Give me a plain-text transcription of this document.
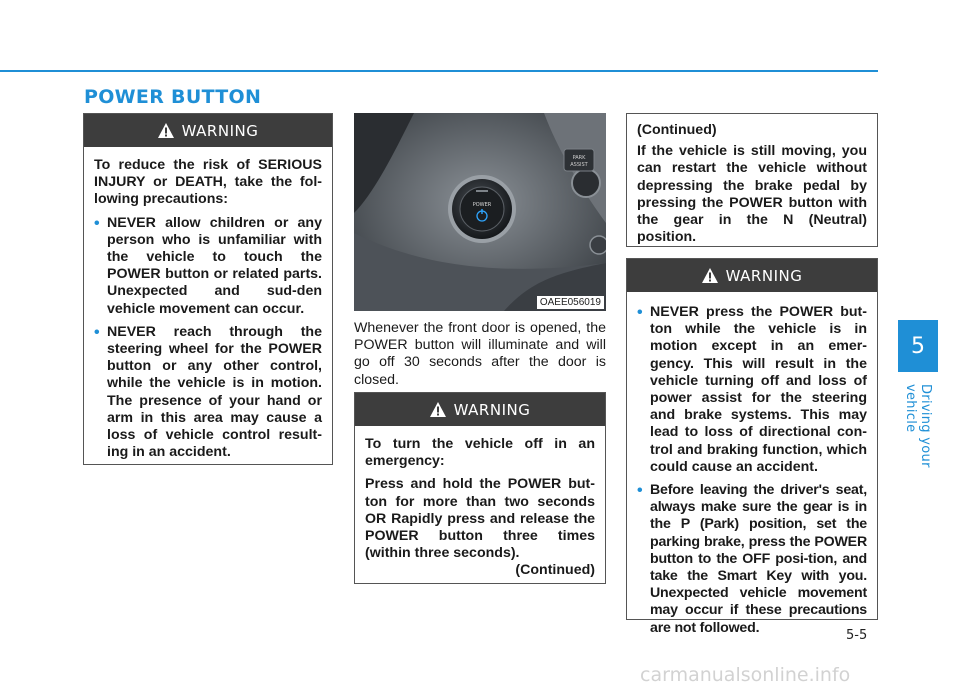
POWER BUTTON
5
Driving your vehicle
WARNING

To reduce the risk of SERIOUS INJURY or DEATH, take the fol-lowing precautions:

• NEVER allow children or any person who is unfamiliar with the vehicle to touch the POWER button or related parts. Unexpected and sud-den vehicle movement can occur.
• NEVER reach through the steering wheel for the POWER button or any other control, while the vehicle is in motion. The presence of your hand or arm in this area may cause a loss of vehicle control result-ing in an accident.
POWER
PARK
ASSIST
OAEE056019

Whenever the front door is opened, the POWER button will illuminate and will go off 30 seconds after the door is closed.

WARNING

To turn the vehicle off in an emergency:

Press and hold the POWER but-ton for more than two seconds OR Rapidly press and release the POWER button three times (within three seconds).

(Continued)

(Continued)

If the vehicle is still moving, you can restart the vehicle without depressing the brake pedal by pressing the POWER button with the gear in the N (Neutral) position.

WARNING
• NEVER press the POWER but-ton while the vehicle is in motion except in an emer-gency. This will result in the vehicle turning off and loss of power assist for the steering and brake systems. This may lead to loss of directional con-trol and braking function, which could cause an accident.
• Before leaving the driver's seat, always make sure the gear is in the P (Park) position, set the parking brake, press the POWER button to the OFF posi-tion, and take the Smart Key with you. Unexpected vehicle movement may occur if these precautions are not followed.	5-5
carmanualsonline.info
